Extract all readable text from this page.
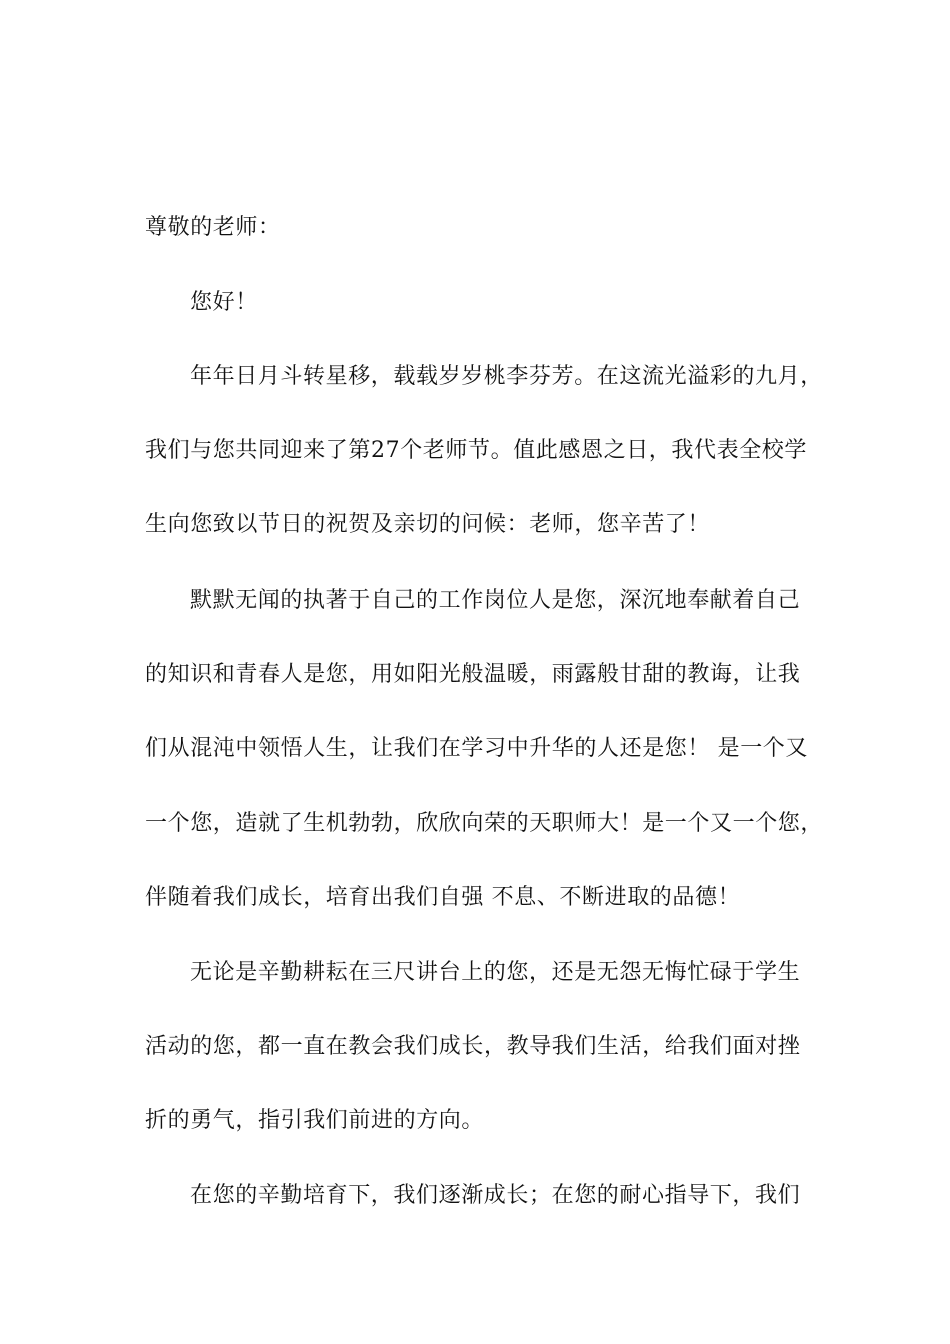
尊敬的老师：
您好！
年年日月斗转星移，载载岁岁桃李芬芳。在这流光溢彩的九月，
我们与您共同迎来了第27个老师节。值此感恩之日，我代表全校学
生向您致以节日的祝贺及亲切的问候：老师，您辛苦了！
默默无闻的执著于自己的工作岗位人是您，深沉地奉献着自己
的知识和青春人是您，用如阳光般温暖，雨露般甘甜的教诲，让我
们从混沌中领悟人生，让我们在学习中升华的人还是您！ 是一个又
一个您，造就了生机勃勃，欣欣向荣的天职师大！是一个又一个您，
伴随着我们成长，培育出我们自强 不息、不断进取的品德！
无论是辛勤耕耘在三尺讲台上的您，还是无怨无悔忙碌于学生
活动的您，都一直在教会我们成长，教导我们生活，给我们面对挫
折的勇气，指引我们前进的方向。
在您的辛勤培育下，我们逐渐成长；在您的耐心指导下，我们
